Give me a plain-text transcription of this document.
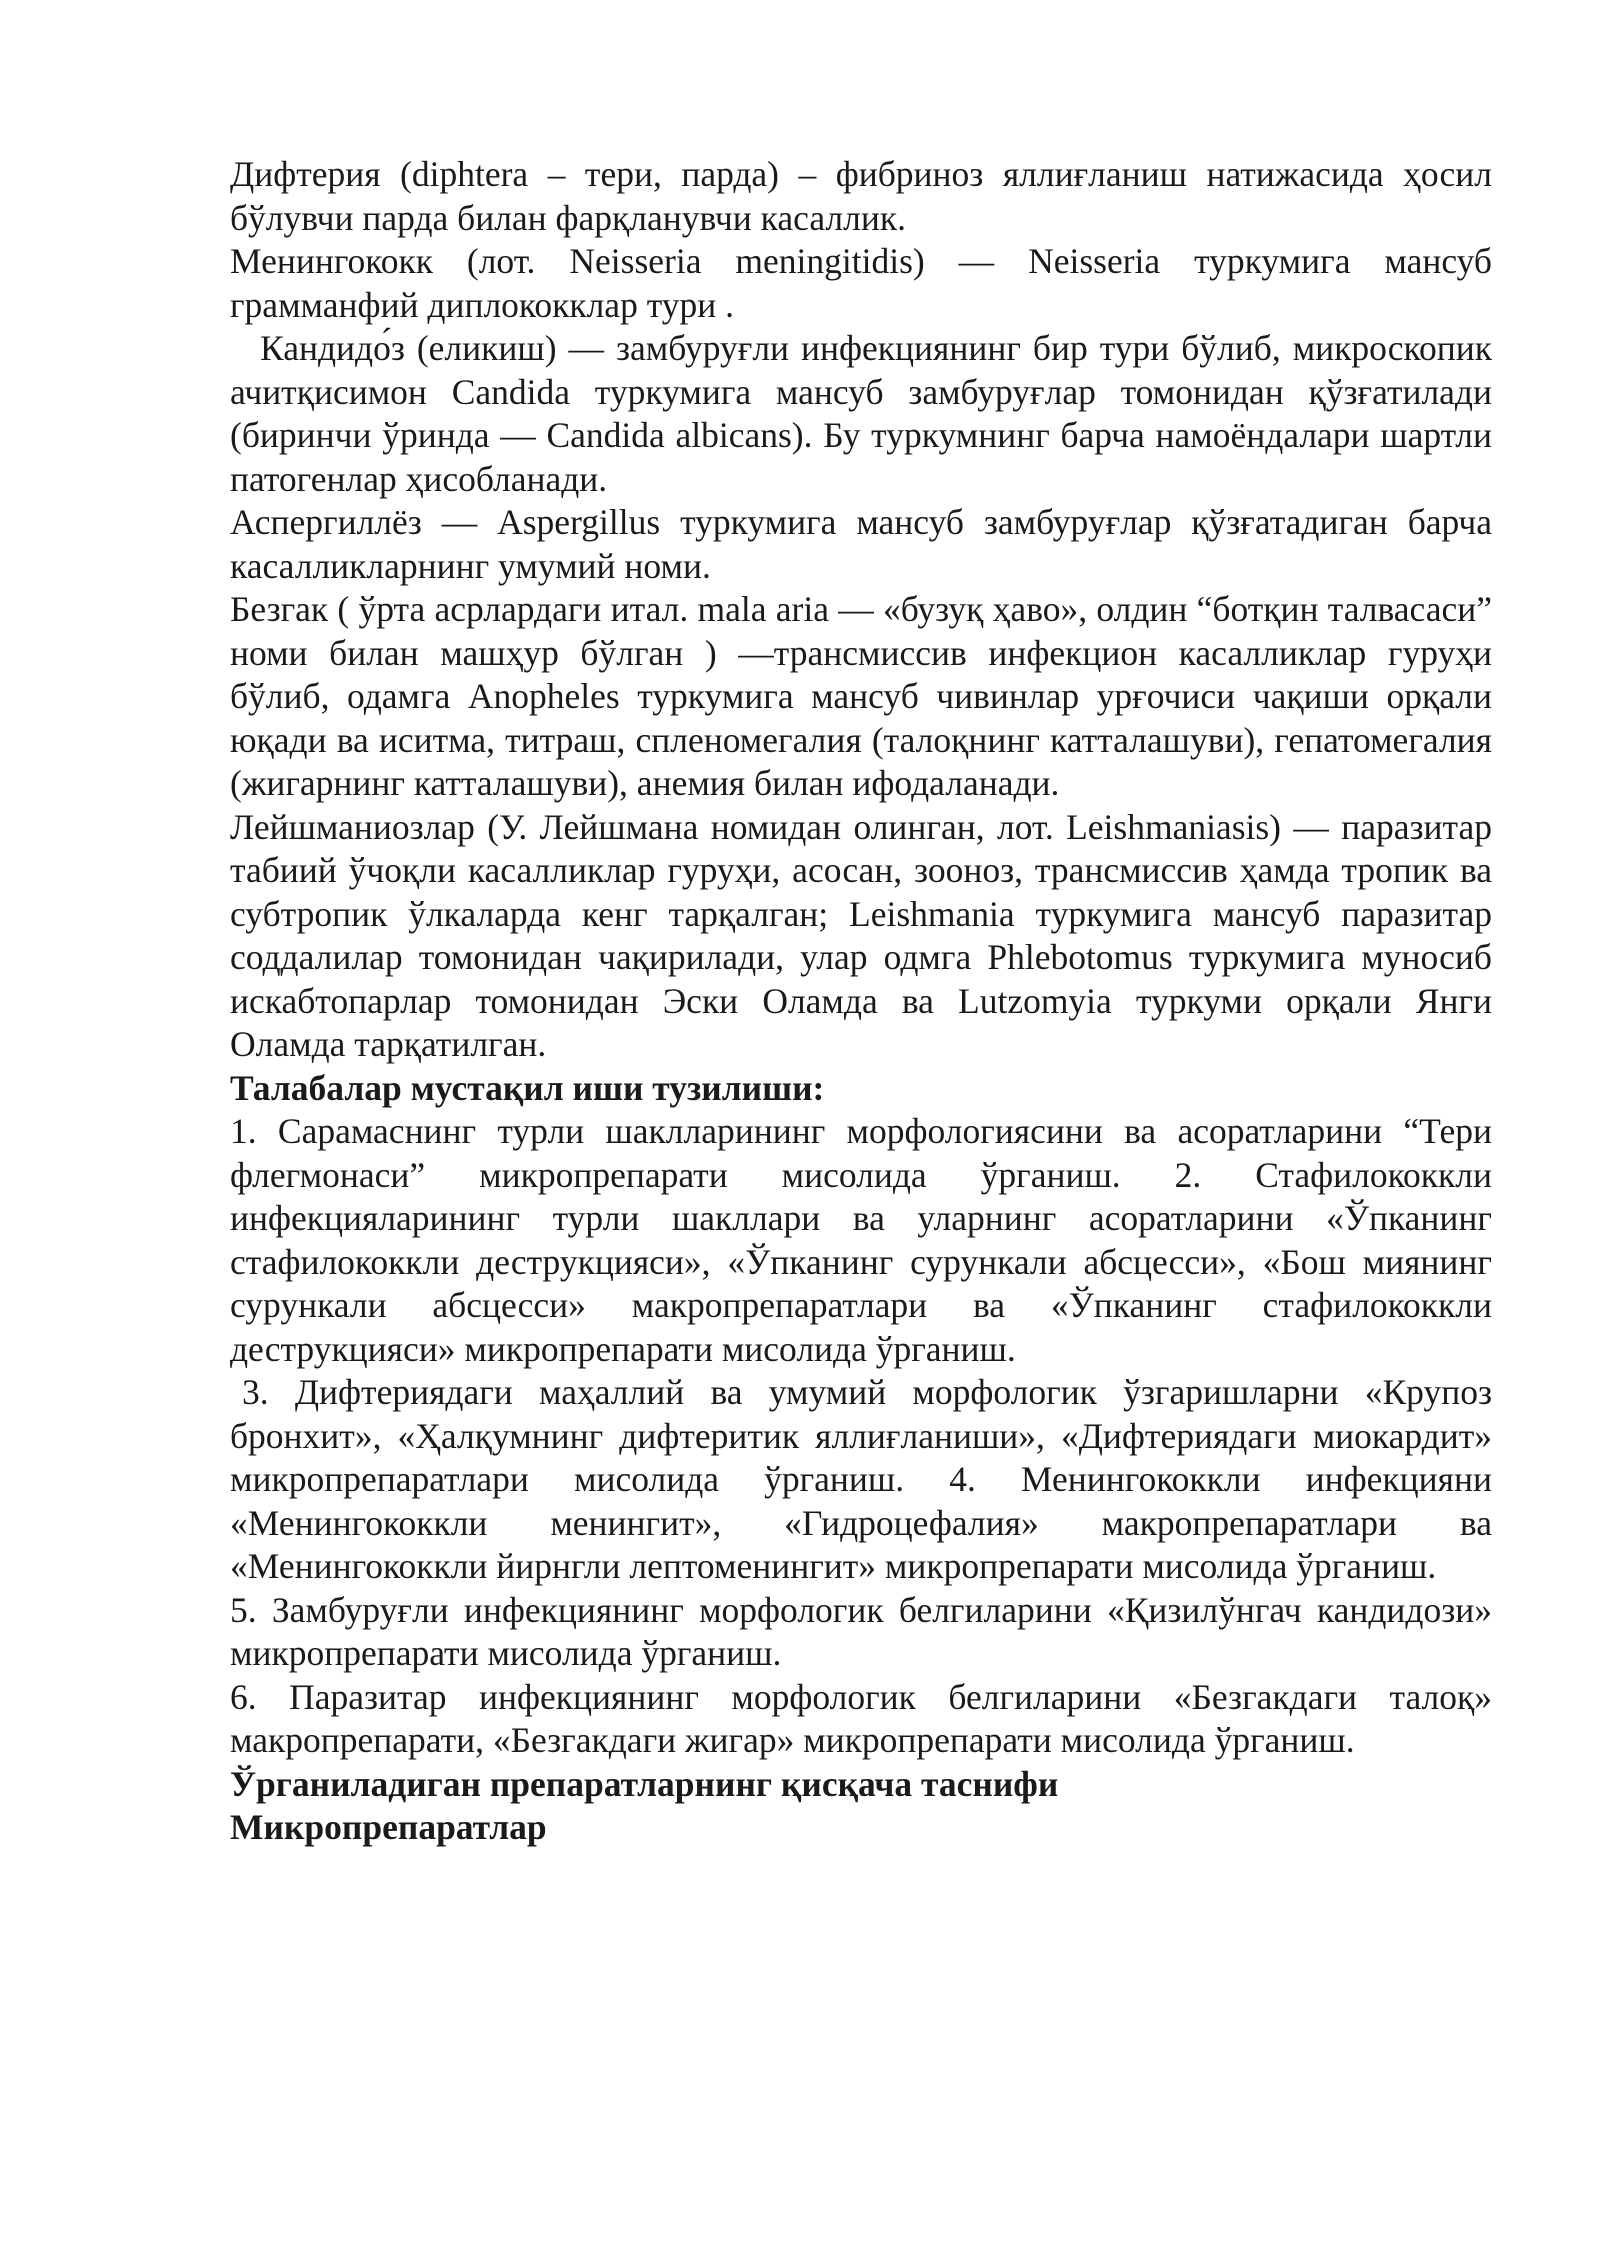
Дифтерия (diphtera – тери, парда) – фибриноз яллиғланиш натижасида ҳосил бўлувчи парда билан фарқланувчи касаллик.

Менингококк (лот. Neisseria meningitidis) — Neisseria туркумига мансуб грамманфий диплококклар тури .

Кандидо́з (еликиш) — замбуруғли инфекциянинг бир тури бўлиб, микроскопик ачитқисимон Candida туркумига мансуб замбуруғлар томонидан қўзғатилади (биринчи ўринда — Candida albicans). Бу туркумнинг барча намоёндалари шартли патогенлар ҳисобланади.

Аспергиллёз — Aspergillus туркумига мансуб замбуруғлар қўзғатадиган барча касалликларнинг умумий номи.

Безгак ( ўрта асрлардаги итал. mala aria — «бузуқ ҳаво», олдин “ботқин талвасаси” номи билан машҳур бўлган ) —трансмиссив инфекцион касалликлар гуруҳи бўлиб, одамга Anopheles туркумига мансуб чивинлар урғочиси чақиши орқали юқади ва иситма, титраш, спленомегалия (талоқнинг катталашуви), гепатомегалия (жигарнинг катталашуви), анемия билан ифодаланади.

Лейшманиозлар (У. Лейшмана номидан олинган, лот. Leishmaniasis) — паразитар табиий ўчоқли касалликлар гуруҳи, асосан, зооноз, трансмиссив ҳамда тропик ва субтропик ўлкаларда кенг тарқалган; Leishmania туркумига мансуб паразитар соддалилар томонидан чақирилади, улар одмга Phlebotomus туркумига муносиб искабтопарлар томонидан Эски Оламда ва Lutzomyia туркуми орқали Янги Оламда тарқатилган.

Талабалар мустақил иши тузилиши:

1. Сарамаснинг турли шаклларининг морфологиясини ва асоратларини “Тери флегмонаси” микропрепарати мисолида ўрганиш. 2. Стафилококкли инфекцияларининг турли шакллари ва уларнинг асоратларини «Ўпканинг стафилококкли деструкцияси», «Ўпканинг сурункали абсцесси», «Бош миянинг сурункали абсцесси» макропрепаратлари ва «Ўпканинг стафилококкли деструкцияси» микропрепарати мисолида ўрганиш.

3. Дифтериядаги маҳаллий ва умумий морфологик ўзгаришларни «Крупоз бронхит», «Ҳалқумнинг дифтеритик яллиғланиши», «Дифтериядаги миокардит» микропрепаратлари мисолида ўрганиш. 4. Менингококкли инфекцияни «Менингококкли менингит», «Гидроцефалия» макропрепаратлари ва «Менингококкли йирнгли лептоменингит» микропрепарати мисолида ўрганиш.

5. Замбуруғли инфекциянинг морфологик белгиларини «Қизилўнгач кандидози» микропрепарати мисолида ўрганиш.

6. Паразитар инфекциянинг морфологик белгиларини «Безгакдаги талоқ» макропрепарати, «Безгакдаги жигар» микропрепарати мисолида ўрганиш.

Ўрганиладиган препаратларнинг қисқача таснифи

Микропрепаратлар
